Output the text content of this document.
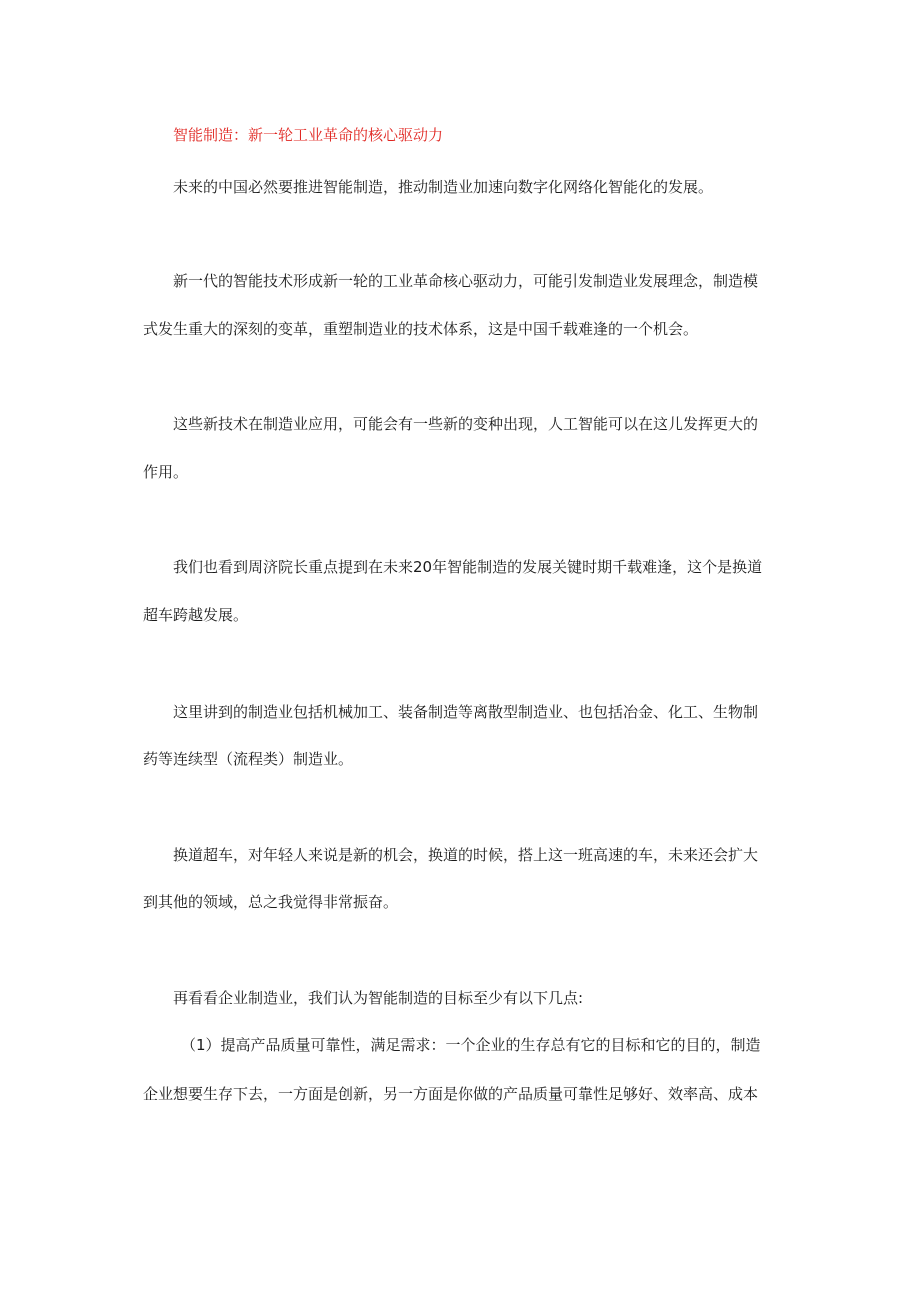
智能制造：新一轮工业革命的核心驱动力
未来的中国必然要推进智能制造，推动制造业加速向数字化网络化智能化的发展。
新一代的智能技术形成新一轮的工业革命核心驱动力，可能引发制造业发展理念，制造模
式发生重大的深刻的变革，重塑制造业的技术体系，这是中国千载难逢的一个机会。
这些新技术在制造业应用，可能会有一些新的变种出现，人工智能可以在这儿发挥更大的
作用。
我们也看到周济院长重点提到在未来20年智能制造的发展关键时期千载难逢，这个是换道
超车跨越发展。
这里讲到的制造业包括机械加工、装备制造等离散型制造业、也包括冶金、化工、生物制
药等连续型（流程类）制造业。
换道超车，对年轻人来说是新的机会，换道的时候，搭上这一班高速的车，未来还会扩大
到其他的领域，总之我觉得非常振奋。
再看看企业制造业，我们认为智能制造的目标至少有以下几点:
（1）提高产品质量可靠性，满足需求：一个企业的生存总有它的目标和它的目的，制造
企业想要生存下去，一方面是创新，另一方面是你做的产品质量可靠性足够好、效率高、成本
